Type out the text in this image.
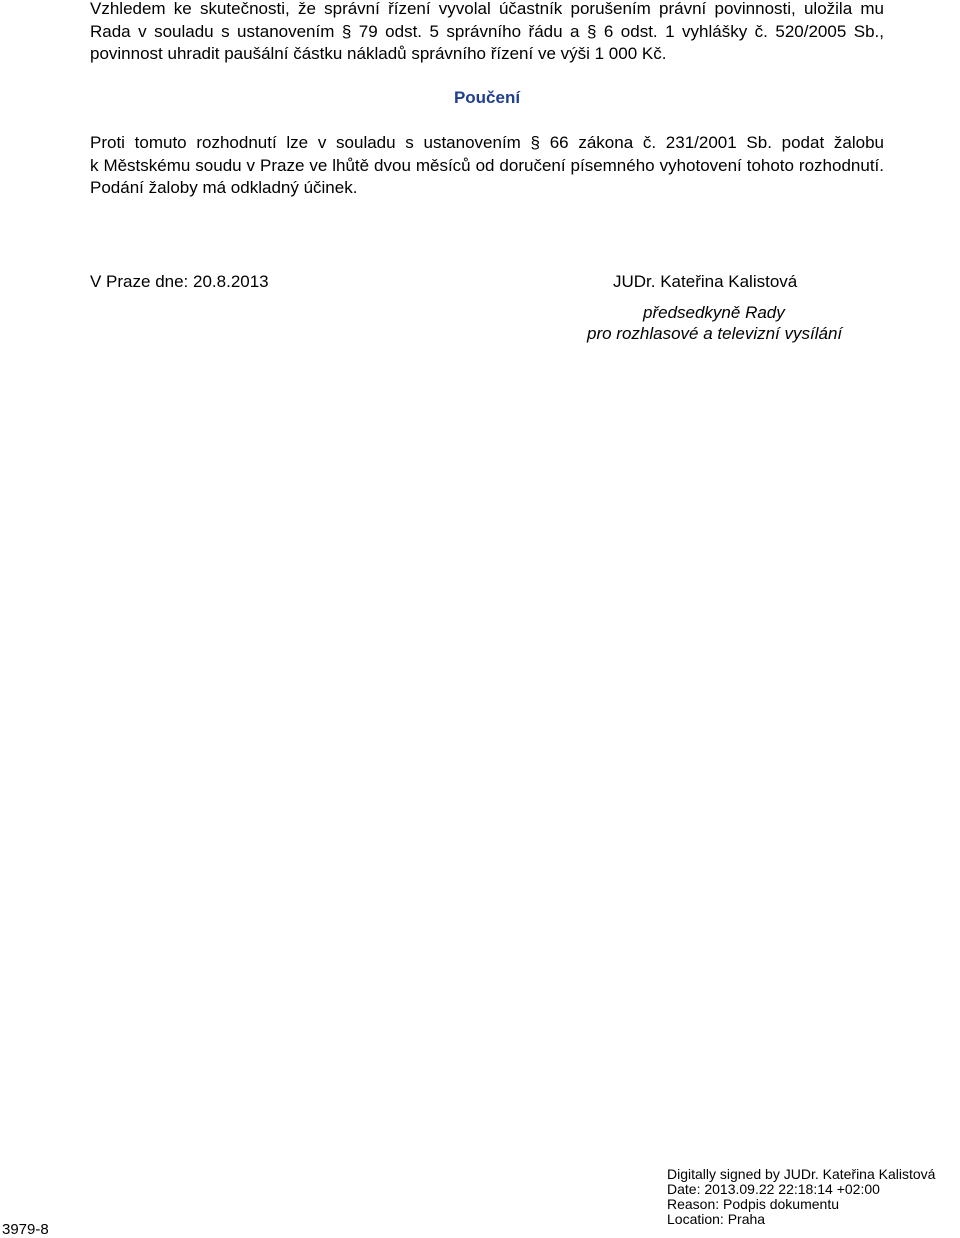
Vzhledem ke skutečnosti, že správní řízení vyvolal účastník porušením právní povinnosti, uložila mu
Rada v souladu s ustanovením § 79 odst. 5 správního řádu a § 6 odst. 1 vyhlášky č. 520/2005 Sb.,
povinnost uhradit paušální částku nákladů správního řízení ve výši 1 000 Kč.
Poučení
Proti tomuto rozhodnutí lze v souladu s ustanovením § 66 zákona č. 231/2001 Sb. podat žalobu
k Městskému soudu v Praze ve lhůtě dvou měsíců od doručení písemného vyhotovení tohoto rozhodnutí.
Podání žaloby má odkladný účinek.
V Praze dne: 20.8.2013	JUDr. Kateřina Kalistová
předsedkyně Rady
pro rozhlasové a televizní vysílání
3979-8
Digitally signed by JUDr. Kateřina Kalistová
Date: 2013.09.22 22:18:14 +02:00
Reason: Podpis dokumentu
Location: Praha
